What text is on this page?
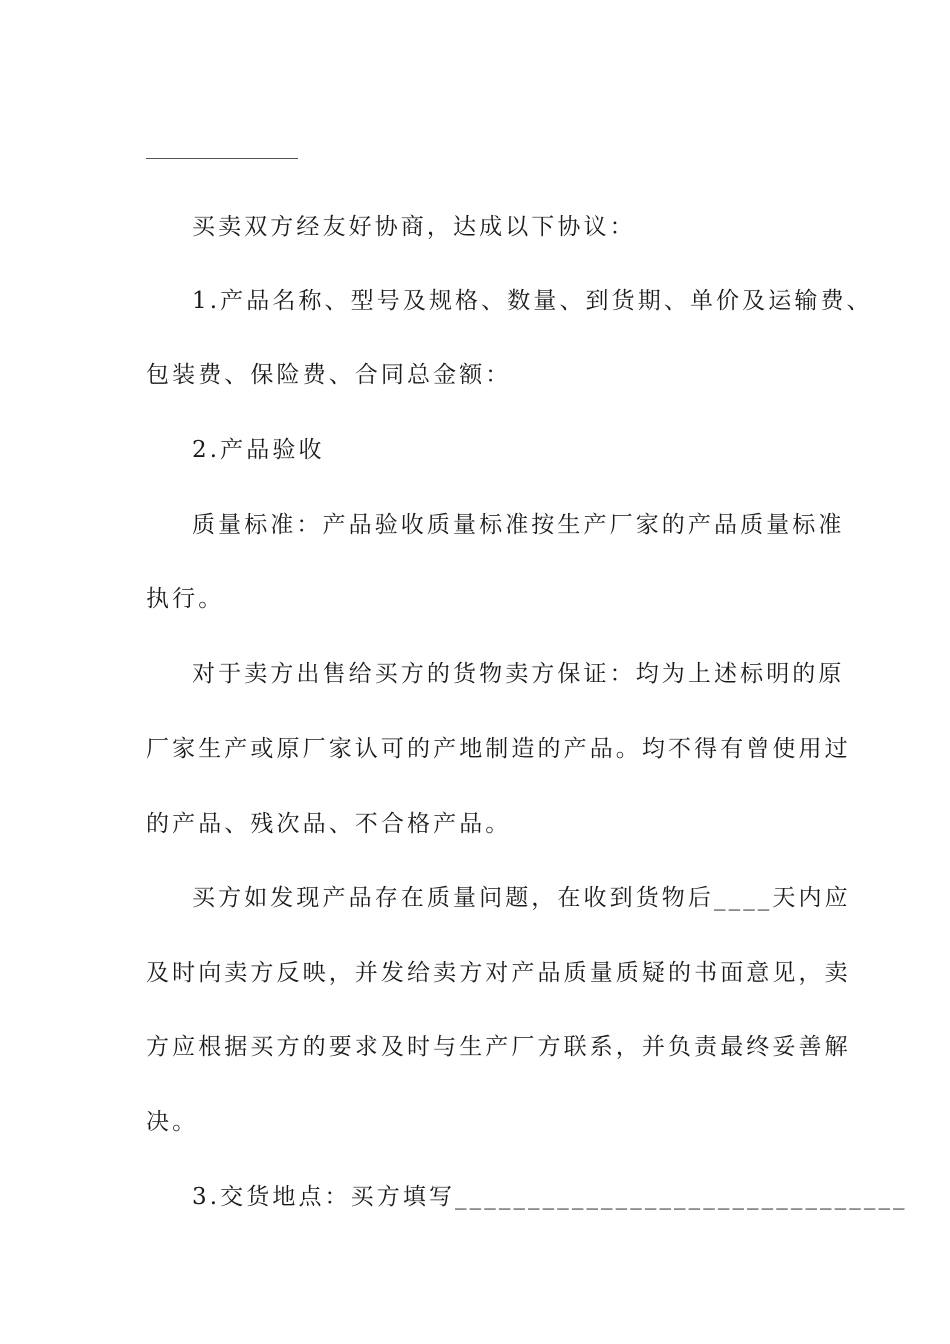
买卖双方经友好协商，达成以下协议：
1.产品名称、型号及规格、数量、到货期、单价及运输费、
包装费、保险费、合同总金额：
2.产品验收
质量标准：产品验收质量标准按生产厂家的产品质量标准
执行。
对于卖方出售给买方的货物卖方保证：均为上述标明的原
厂家生产或原厂家认可的产地制造的产品。均不得有曾使用过
的产品、残次品、不合格产品。
买方如发现产品存在质量问题，在收到货物后____天内应
及时向卖方反映，并发给卖方对产品质量质疑的书面意见，卖
方应根据买方的要求及时与生产厂方联系，并负责最终妥善解
决。
3.交货地点：买方填写_______________________________
